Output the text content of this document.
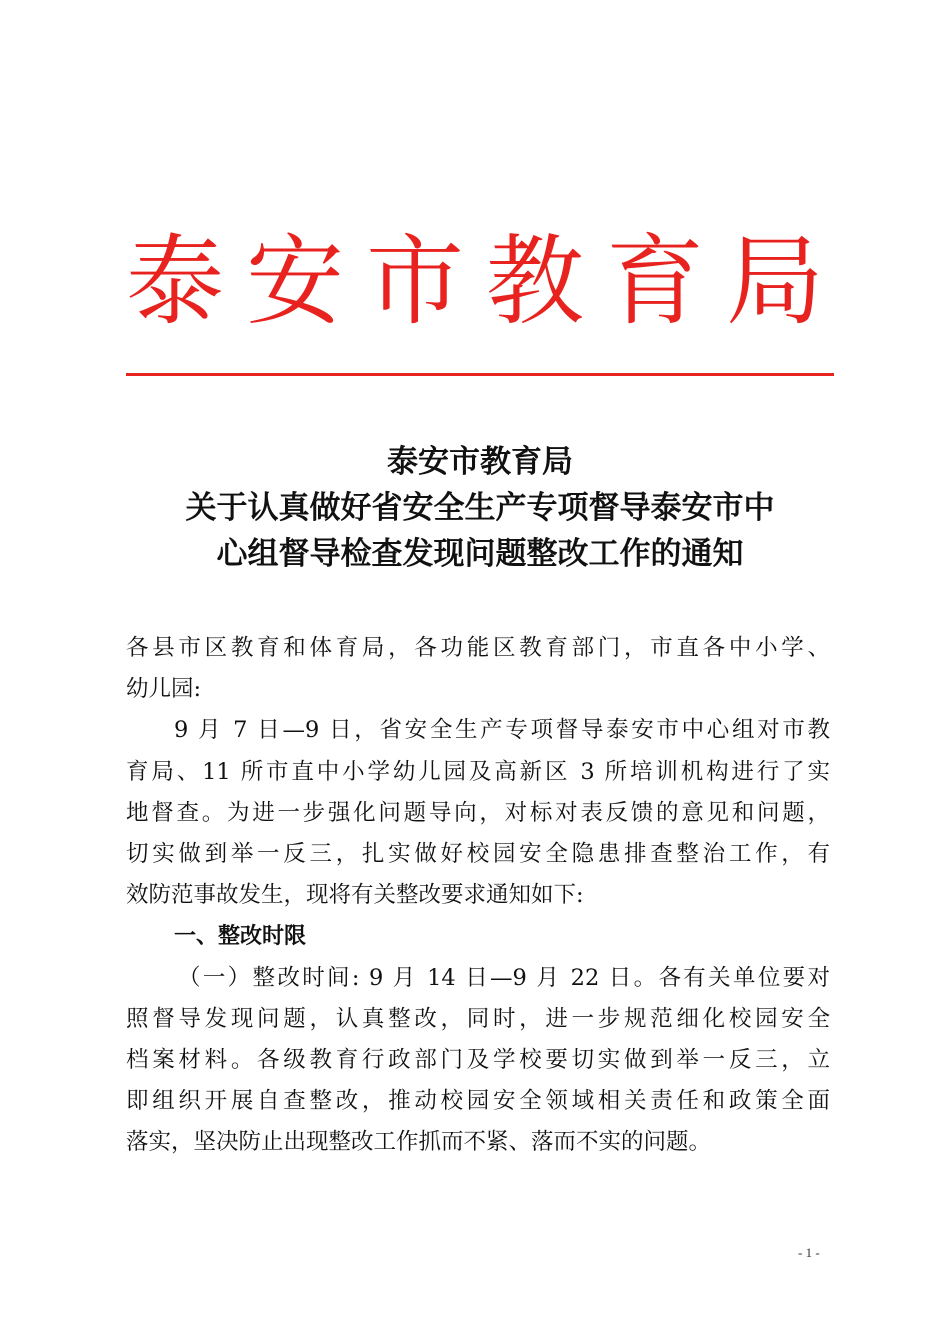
泰安市教育局
泰安市教育局
关于认真做好省安全生产专项督导泰安市中
心组督导检查发现问题整改工作的通知
各县市区教育和体育局，各功能区教育部门，市直各中小学、
幼儿园:
9 月 7 日—9 日，省安全生产专项督导泰安市中心组对市教
育局、11 所市直中小学幼儿园及高新区 3 所培训机构进行了实
地督查。为进一步强化问题导向，对标对表反馈的意见和问题，
切实做到举一反三，扎实做好校园安全隐患排查整治工作，有
效防范事故发生，现将有关整改要求通知如下:
一、整改时限
（一）整改时间: 9 月 14 日—9 月 22 日。各有关单位要对
照督导发现问题，认真整改，同时，进一步规范细化校园安全
档案材料。各级教育行政部门及学校要切实做到举一反三，立
即组织开展自查整改，推动校园安全领域相关责任和政策全面
落实，坚决防止出现整改工作抓而不紧、落而不实的问题。
- 1 -
